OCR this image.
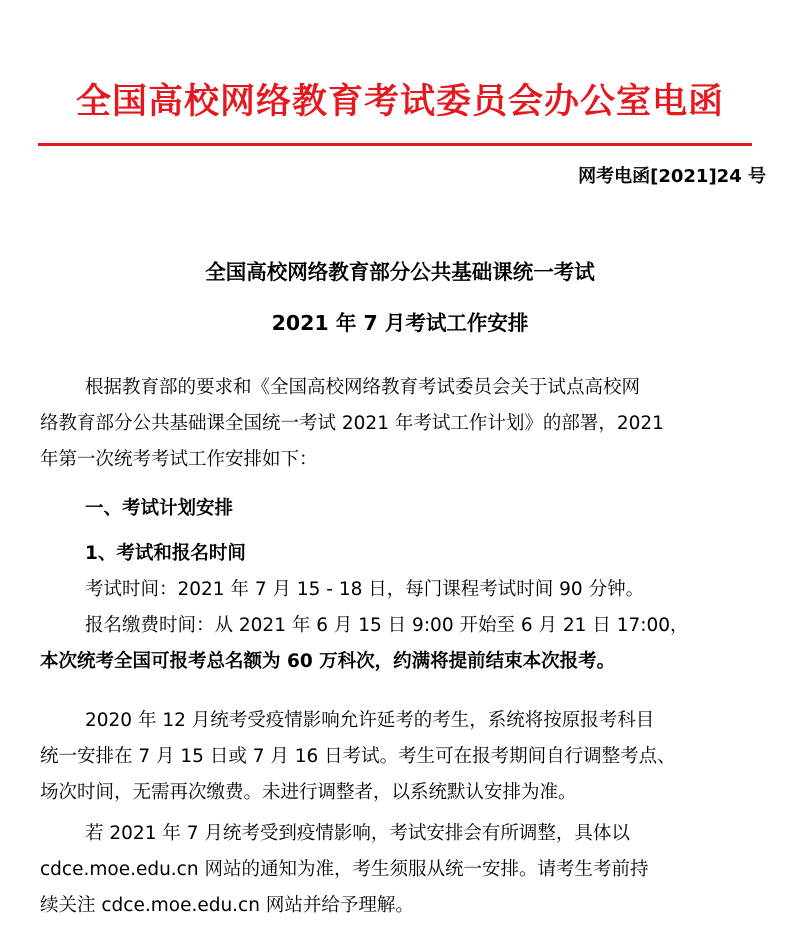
全国高校网络教育考试委员会办公室电函
网考电函[2021]24 号
全国高校网络教育部分公共基础课统一考试
2021 年 7 月考试工作安排
根据教育部的要求和《全国高校网络教育考试委员会关于试点高校网
络教育部分公共基础课全国统一考试 2021 年考试工作计划》的部署，2021
年第一次统考考试工作安排如下：
一、考试计划安排
1、考试和报名时间
考试时间：2021 年 7 月 15 - 18 日，每门课程考试时间 90 分钟。
报名缴费时间：从 2021 年 6 月 15 日 9:00 开始至 6 月 21 日 17:00，
本次统考全国可报考总名额为 60 万科次，约满将提前结束本次报考。
2020 年 12 月统考受疫情影响允许延考的考生，系统将按原报考科目
统一安排在 7 月 15 日或 7 月 16 日考试。考生可在报考期间自行调整考点、
场次时间，无需再次缴费。未进行调整者，以系统默认安排为准。
若 2021 年 7 月统考受到疫情影响，考试安排会有所调整，具体以
cdce.moe.edu.cn 网站的通知为准，考生须服从统一安排。请考生考前持
续关注 cdce.moe.edu.cn 网站并给予理解。
